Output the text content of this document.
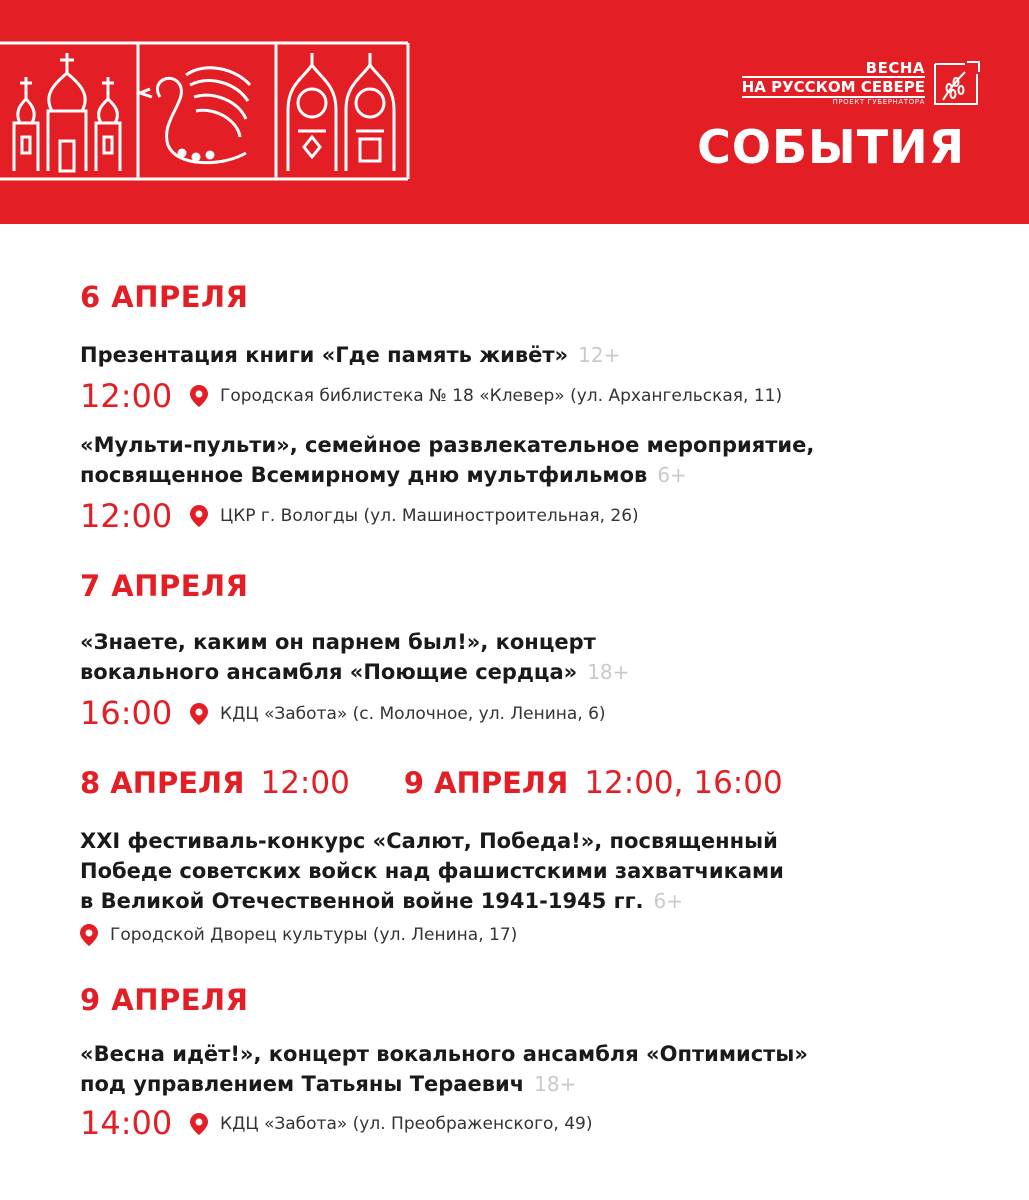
ВЕСНА
НА РУССКОМ СЕВЕРЕ
ПРОЕКТ ГУБЕРНАТОРА
СОБЫТИЯ
6 АПРЕЛЯ
Презентация книги «Где память живёт» 12+
12:00	Городская библистека № 18 «Клевер» (ул. Архангельская, 11)
«Мульти-пульти», семейное развлекательное мероприятие,
посвященное Всемирному дню мультфильмов 6+
12:00	ЦКР г. Вологды (ул. Машиностроительная, 26)
7 АПРЕЛЯ
«Знаете, каким он парнем был!», концерт
вокального ансамбля «Поющие сердца» 18+
16:00	КДЦ «Забота» (с. Молочное, ул. Ленина, 6)
8 АПРЕЛЯ 12:00 9 АПРЕЛЯ 12:00, 16:00
XXI фестиваль-конкурс «Салют, Победа!», посвященный
Победе советских войск над фашистскими захватчиками
в Великой Отечественной войне 1941-1945 гг. 6+
Городской Дворец культуры (ул. Ленина, 17)
9 АПРЕЛЯ
«Весна идёт!», концерт вокального ансамбля «Оптимисты»
под управлением Татьяны Тераевич 18+
14:00	КДЦ «Забота» (ул. Преображенского, 49)
